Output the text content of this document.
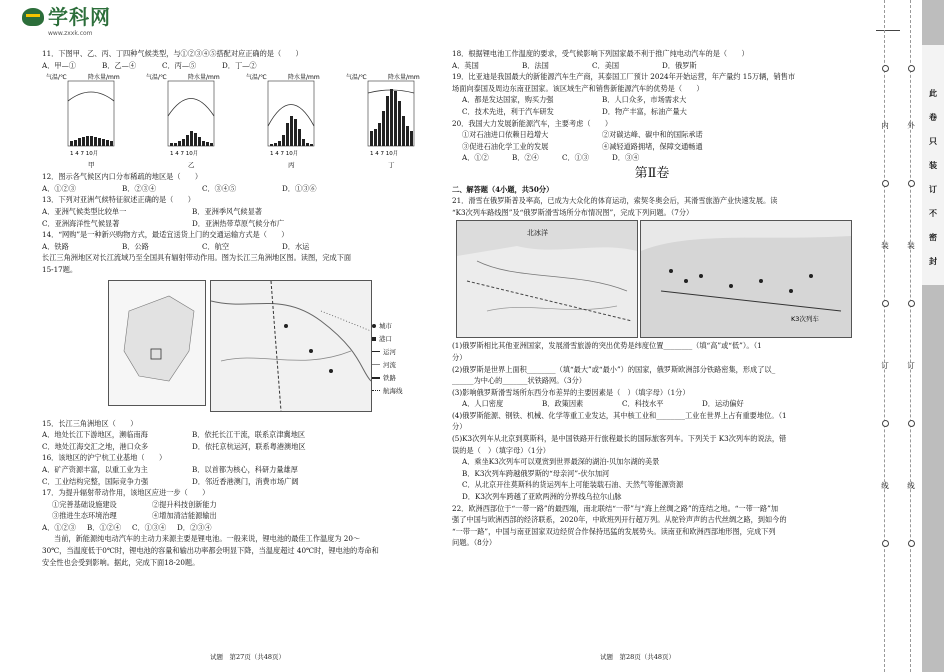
学科网
www.zxxk.com

11．下图甲、乙、丙、丁四种气候类型，与①②③④⑤搭配对应正确的是（　　）

A．甲—①	B．乙—④	C．丙—⑤	D．丁—②

气温/℃	降水量/mm
1 4 7 10月
甲
气温/℃	降水量/mm
1 4 7 10月
乙
气温/℃	降水量/mm
1 4 7 10月
丙
气温/℃	降水量/mm
1 4 7 10月
丁

12．图示各气候区内口分布稀疏的地区是（　　）

A．①②③	B．②③④	C．③④⑤	D．①③⑥

13．下列对亚洲气候特征叙述正确的是（　　）

A．亚洲气候类型比较单一	B．亚洲季风气候显著

C．亚洲海洋性气候显著	D．亚洲热带草原气候分布广

14．“网购”是一种新兴购物方式，最适宜送货上门的交通运输方式是（　　）

A．铁路	B．公路	C．航空	D．水运

长江三角洲地区对长江流域乃至全国具有辐射带动作用。图为长江三角洲地区图。读图，完成下面

15-17题。

城市
港口
运河
河流
铁路
航海线

15．长江三角洲地区（　　）

A．地处长江下游地区，濒临南海	B．依托长江干流，联系京津冀地区

C．地处江海交汇之地，港口众多	D．依托京杭运河，联系粤港澳地区

16．该地区的沪宁杭工业基地（　　）

A．矿产资源丰富，以重工业为主	B．以首都为核心，科研力量雄厚

C．工业结构完整，国际竞争力强	D．邻近香港澳门，消费市场广阔

17．为提升辐射带动作用，该地区应进一步（　　）

①完善基础设施建设	②提升科技创新能力

③推进生态环境治理	④增加清洁能源输出

A．①②③ B．①②④ C．①③④ D．②③④

当前，新能源纯电动汽车的主动力来源主要是锂电池。一般来说，锂电池的最佳工作温度为 20～

30℃，当温度低于0℃时，锂电池的容量和输出功率都会明显下降，当温度超过 40℃时，锂电池的寿命和

安全性也会受到影响。据此，完成下面18-20题。

试题　第27页（共48页）

18．根据锂电池工作温度的要求，受气候影响下列国家最不利于推广纯电动汽车的是（　　）

A．英国	B．法国	C．美国	D．俄罗斯

19．比亚迪是我国最大的新能源汽车生产商，其泰国工厂预计 2024年开始运营，年产量约 15万辆，销售市

场面向泰国及周边东南亚国家。该区域生产和销售新能源汽车的优势是（　　）

A．都是发达国家，购买力强	B．人口众多，市场需求大

C．技术先进，利于汽车研发	D．物产丰富，标油产量大

20．我国大力发展新能源汽车，主要考虑（　　）

①对石油进口依赖日趋增大	②对碳达峰、碳中和的国际承诺

③促进石油化学工业的发展	④减轻道路拥堵，保障交通畅通

A．①②	B．②④	C．①③	D．③④

第Ⅱ卷

二、解答题（4小题，共50分）

21．滑雪在俄罗斯普及率高，已成为大众化的体育运动，索契冬奥会后，其滑雪旅游产业快速发展。读

“K3次列车路线图”及“俄罗斯滑雪场所分布情况图”，完成下列问题。（7分）

北冰洋
K3次列车

(1)俄罗斯相比其他亚洲国家，发展滑雪旅游的突出优势是纬度位置________（填“高”或“低”）。（1

分）

(2)俄罗斯是世界上面积________（填“最大”或“最小”）的国家，俄罗斯欧洲部分铁路密集，形成了以_

______为中心的_______状铁路网。（3分）

(3)影响俄罗斯滑雪场所东西分布差异的主要因素是（　）（填字母）（1分）

A．人口密度	B．政策因素	C．科技水平	D．运动偏好

(4)俄罗斯能源、钢铁、机械、化学等重工业发达，其中核工业和________工业在世界上占有重要地位。（1

分）

(5)K3次列车从北京到莫斯科，是中国铁路开行旅程最长的国际旅客列车。下列关于 K3次列车的说法，错

误的是（　）（填字母）（1分）

A．乘坐K3次列车可以观赏到世界最深的湖泊-贝加尔湖的美景

B．K3次列车跨越俄罗斯的“母亲河”-伏尔加河

C．从北京开往莫斯科的货运列车上可能装载石油、天然气等能源资源

D．K3次列车跨越了亚欧两洲的分界线乌拉尔山脉

22．欧洲西部位于“一带一路”的最西端，南北联结“一带”与“海上丝绸之路”的连结之地。“一带一路”加

强了中国与欧洲西部的经济联系，2020年，中欧班列开行超万列。从驼铃声声的古代丝绸之路，到如今的

“一带一路”，中国与南亚国家双边经贸合作保持迅猛的发展势头。读南亚和欧洲西部地形图，完成下列

问题。（8分）

试题　第28页（共48页）
内
装
订
线
外
装
订
线
此
卷
只
装
订
不
密
封
